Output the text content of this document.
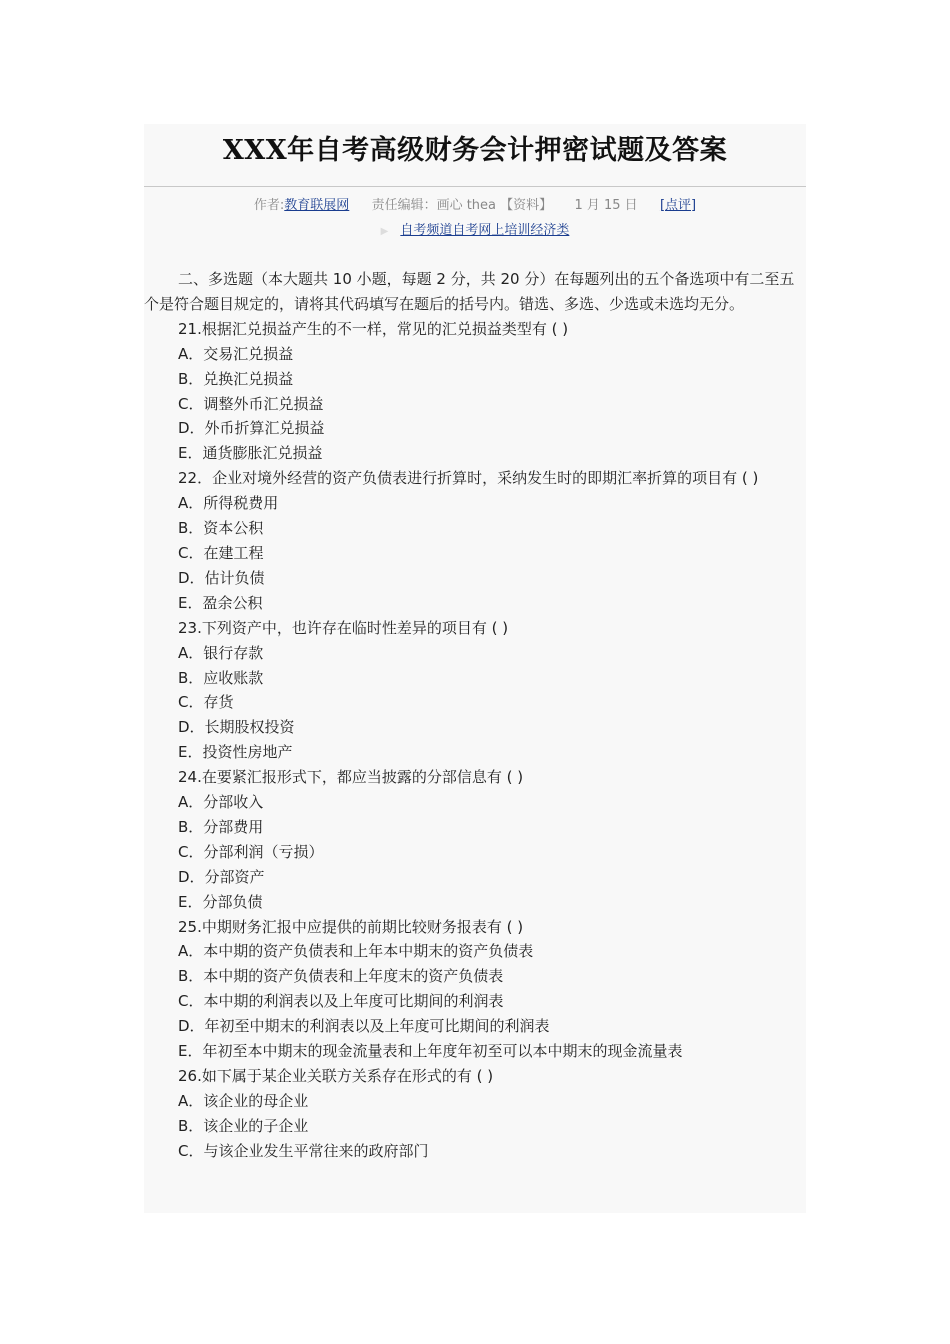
XXX年自考高级财务会计押密试题及答案
作者:教育联展网 责任编辑：画心 thea 【资料】 1 月 15 日 [点评]
▶ 自考频道自考网上培训经济类

二、多选题（本大题共 10 小题，每题 2 分，共 20 分）在每题列出的五个备选项中有二至五个是符合题目规定的，请将其代码填写在题后的括号内。错选、多选、少选或未选均无分。

21.根据汇兑损益产生的不一样，常见的汇兑损益类型有 ( )

A．交易汇兑损益

B．兑换汇兑损益

C．调整外币汇兑损益

D．外币折算汇兑损益

E．通货膨胀汇兑损益

22．企业对境外经营的资产负债表进行折算时，采纳发生时的即期汇率折算的项目有 ( )

A．所得税费用

B．资本公积

C．在建工程

D．估计负债

E．盈余公积

23.下列资产中，也许存在临时性差异的项目有 ( )

A．银行存款

B．应收账款

C．存货

D．长期股权投资

E．投资性房地产

24.在要紧汇报形式下，都应当披露的分部信息有 ( )

A．分部收入

B．分部费用

C．分部利润（亏损）

D．分部资产

E．分部负债

25.中期财务汇报中应提供的前期比较财务报表有 ( )

A．本中期的资产负债表和上年本中期末的资产负债表

B．本中期的资产负债表和上年度末的资产负债表

C．本中期的利润表以及上年度可比期间的利润表

D．年初至中期末的利润表以及上年度可比期间的利润表

E．年初至本中期末的现金流量表和上年度年初至可以本中期末的现金流量表

26.如下属于某企业关联方关系存在形式的有 ( )

A．该企业的母企业

B．该企业的子企业

C．与该企业发生平常往来的政府部门
